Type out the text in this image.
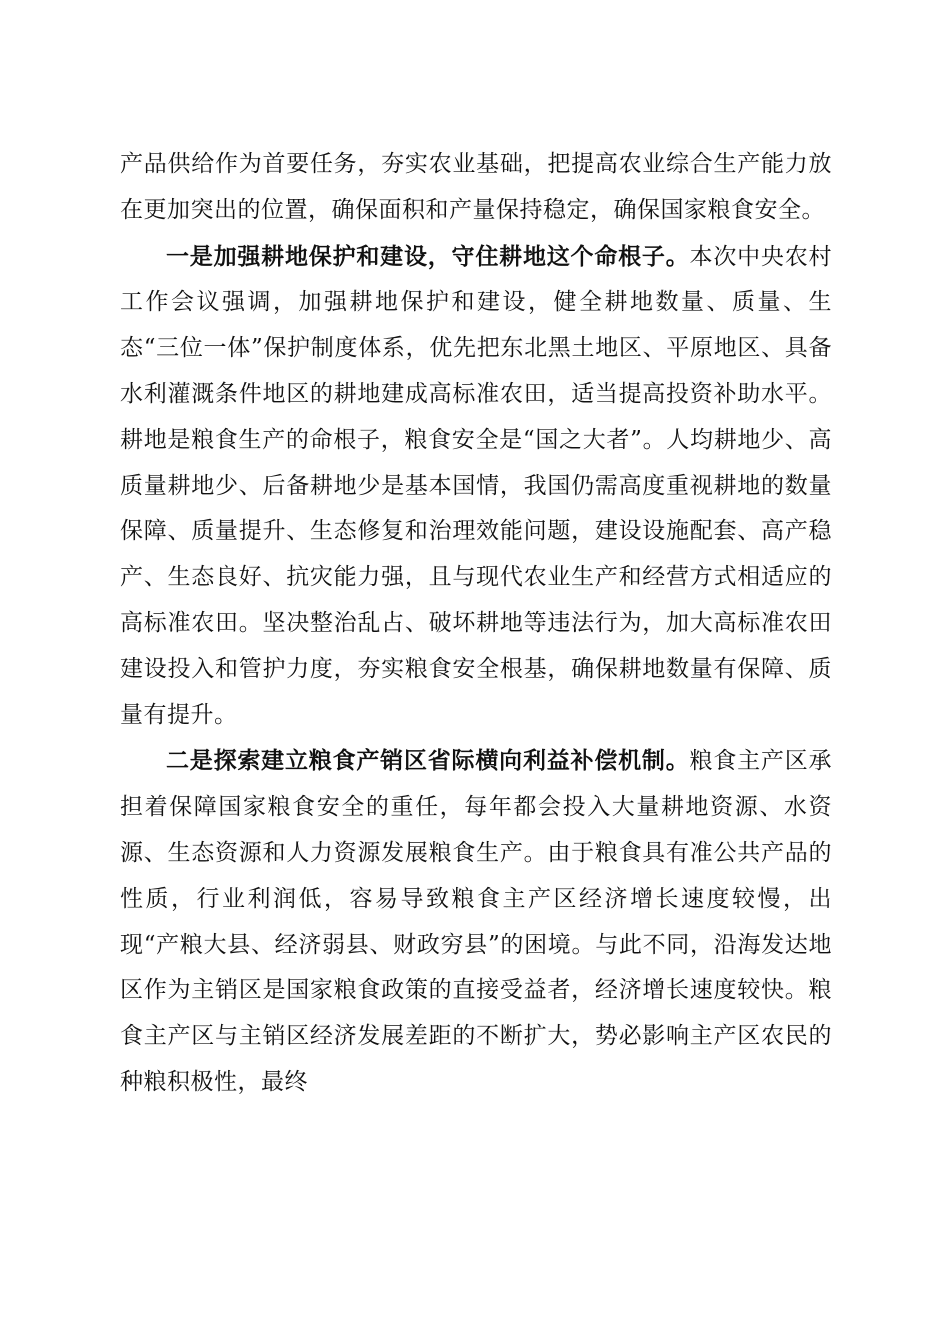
产品供给作为首要任务，夯实农业基础，把提高农业综合生产能力放在更加突出的位置，确保面积和产量保持稳定，确保国家粮食安全。

一是加强耕地保护和建设，守住耕地这个命根子。本次中央农村工作会议强调，加强耕地保护和建设，健全耕地数量、质量、生态“三位一体”保护制度体系，优先把东北黑土地区、平原地区、具备水利灌溉条件地区的耕地建成高标准农田，适当提高投资补助水平。耕地是粮食生产的命根子，粮食安全是“国之大者”。人均耕地少、高质量耕地少、后备耕地少是基本国情，我国仍需高度重视耕地的数量保障、质量提升、生态修复和治理效能问题，建设设施配套、高产稳产、生态良好、抗灾能力强，且与现代农业生产和经营方式相适应的高标准农田。坚决整治乱占、破坏耕地等违法行为，加大高标准农田建设投入和管护力度，夯实粮食安全根基，确保耕地数量有保障、质量有提升。

二是探索建立粮食产销区省际横向利益补偿机制。粮食主产区承担着保障国家粮食安全的重任，每年都会投入大量耕地资源、水资源、生态资源和人力资源发展粮食生产。由于粮食具有准公共产品的性质，行业利润低，容易导致粮食主产区经济增长速度较慢，出现“产粮大县、经济弱县、财政穷县”的困境。与此不同，沿海发达地区作为主销区是国家粮食政策的直接受益者，经济增长速度较快。粮食主产区与主销区经济发展差距的不断扩大，势必影响主产区农民的种粮积极性，最终
